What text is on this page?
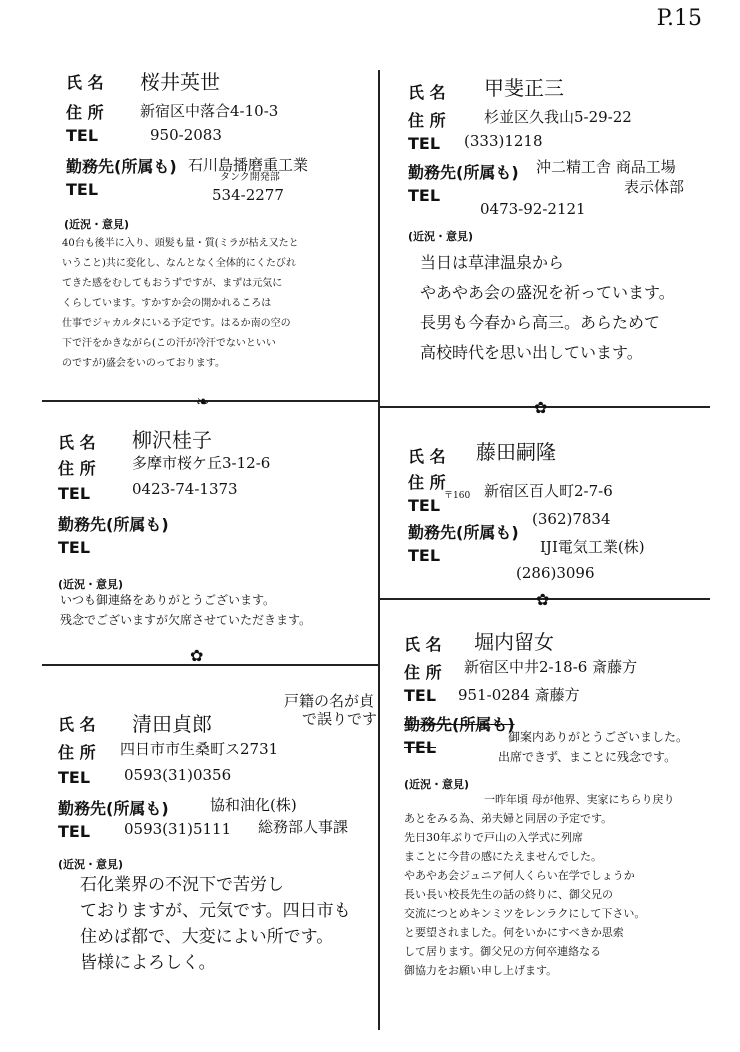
P.15
❧	✿
✿
✿
氏 名 桜井英世
住 所 新宿区中落合4-10-3
TEL	950-2083
勤務先(所属も) 石川島播磨重工業
タンク開発部
TEL	534-2277
(近況・意見)
40台も後半に入り、頭髪も量・質(ミラが枯え又たと
いうこと)共に変化し、なんとなく全体的にくたびれ
てきた感をむしてもおうずですが、まずは元気に
くらしています。すかすか会の開かれるころは
仕事でジャカルタにいる予定です。はるか南の空の
下で汗をかきながら(この汗が冷汗でないといい
のですが)盛会をいのっております。
氏 名 甲斐正三
住 所	杉並区久我山5-29-22
TEL (333)1218
勤務先(所属も) 沖二精工舎 商品工場
表示体部
TEL
0473-92-2121
(近況・意見)
当日は草津温泉から
やあやあ会の盛況を祈っています。
長男も今春から高三。あらためて
高校時代を思い出しています。
氏 名 柳沢桂子
住 所 多摩市桜ケ丘3-12-6
TEL	0423-74-1373
勤務先(所属も)
TEL
(近況・意見)
いつも御連絡をありがとうございます。
残念でございますが欠席させていただきます。
氏 名 藤田嗣隆
住 所
〒160 新宿区百人町2-7-6
TEL
(362)7834
勤務先(所属も)
IJI電気工業(株)
TEL
(286)3096
氏 名 清田貞郎
戸籍の名が貞
で誤りです
住 所 四日市市生桑町ス2731
TEL 0593(31)0356
勤務先(所属も)	協和油化(株)
総務部人事課
TEL 0593(31)5111
(近況・意見)
石化業界の不況下で苦労し
ておりますが、元気です。四日市も
住めば都で、大変によい所です。
皆様によろしく。
氏 名 堀内留女
住 所 新宿区中井2-18-6 斎藤方
TEL 951-0284 斎藤方
勤務先(所属も)
TEL
御案内ありがとうございました。
出席できず、まことに残念です。
(近況・意見)
一昨年頃 母が他界、実家にちらり戻り
あとをみる為、弟夫婦と同居の予定です。
先日30年ぶりで戸山の入学式に列席
まことに今昔の感にたえませんでした。
やあやあ会ジュニア何人くらい在学でしょうか
長い長い校長先生の話の終りに、御父兄の
交流につとめキンミツをレンラクにして下さい。
と要望されました。何をいかにすべきか思索
して居ります。御父兄の方何卒連絡なる
御協力をお願い申し上げます。
